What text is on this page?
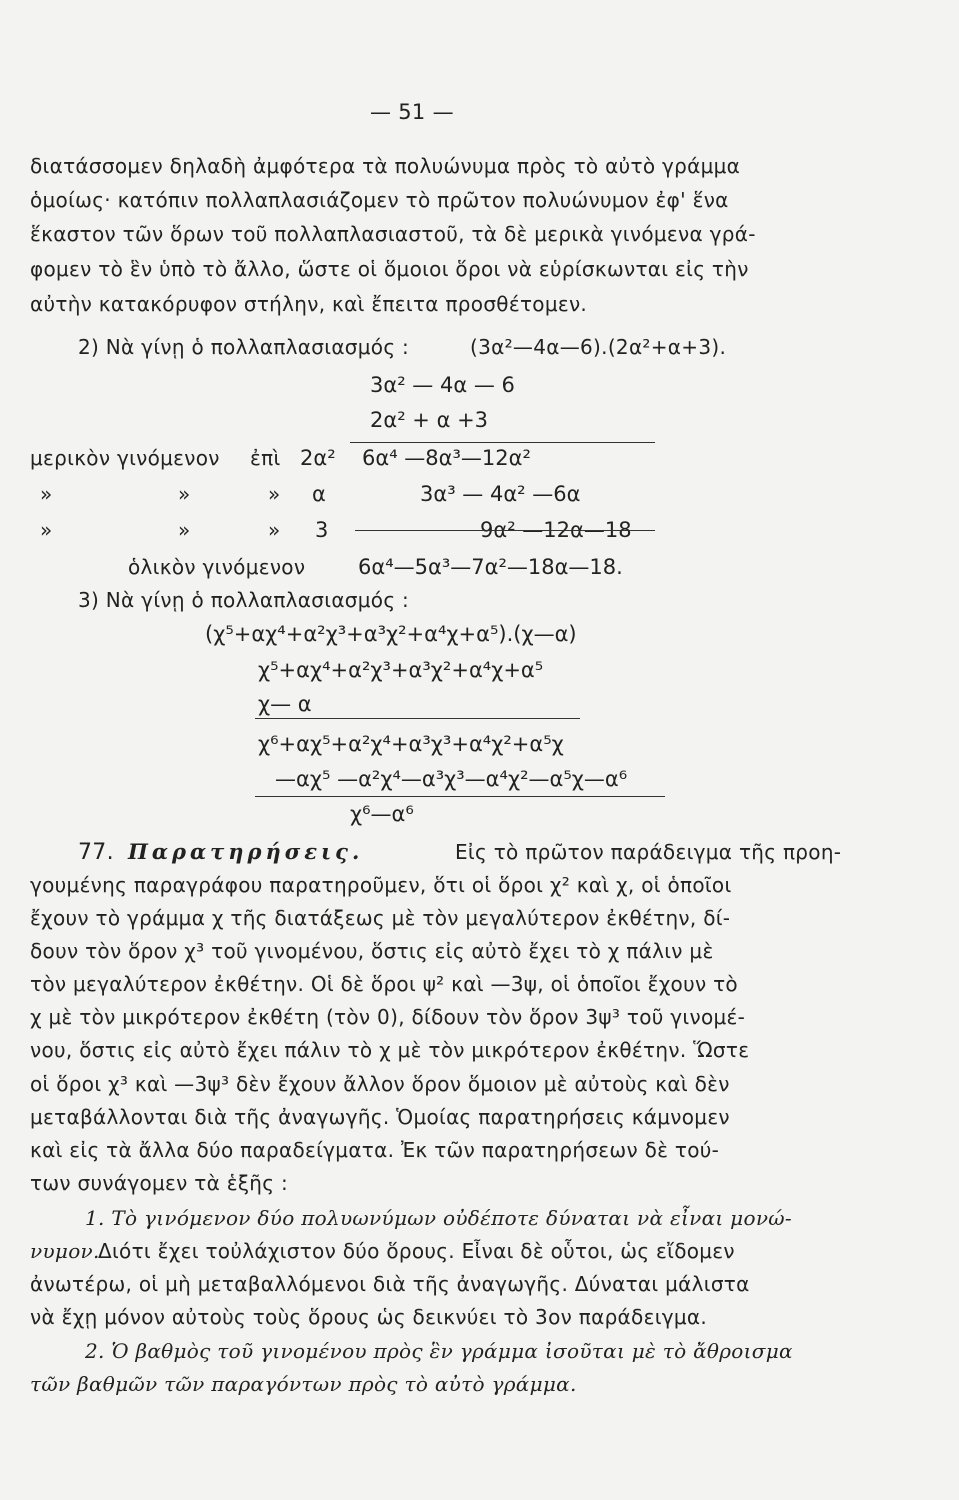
— 51 —
διατάσσομεν δηλαδὴ ἀμφότερα τὰ πολυώνυμα πρὸς τὸ αὐτὸ γράμμα
ὁμοίως· κατόπιν πολλαπλασιάζομεν τὸ πρῶτον πολυώνυμον ἐφ' ἕνα
ἕκαστον τῶν ὅρων τοῦ πολλαπλασιαστοῦ, τὰ δὲ μερικὰ γινόμενα γρά-
φομεν τὸ ἓν ὑπὸ τὸ ἄλλο, ὥστε οἱ ὅμοιοι ὅροι νὰ εὑρίσκωνται εἰς τὴν
αὐτὴν κατακόρυφον στήλην, καὶ ἔπειτα προσθέτομεν.
2) Νὰ γίνῃ ὁ πολλαπλασιασμός :	(3α²—4α—6).(2α²+α+3).
3α² — 4α — 6
2α² + α +3
μερικὸν γινόμενον ἐπὶ 2α² 6α⁴ —8α³—12α²
»	»	» α	3α³ — 4α² —6α
»	»	» 3	9α² —12α—18
ὁλικὸν γινόμενον	6α⁴—5α³—7α²—18α—18.
3) Νὰ γίνῃ ὁ πολλαπλασιασμός :
(χ⁵+αχ⁴+α²χ³+α³χ²+α⁴χ+α⁵).(χ—α)
χ⁵+αχ⁴+α²χ³+α³χ²+α⁴χ+α⁵
χ— α
χ⁶+αχ⁵+α²χ⁴+α³χ³+α⁴χ²+α⁵χ
—αχ⁵ —α²χ⁴—α³χ³—α⁴χ²—α⁵χ—α⁶
χ⁶—α⁶
77. Παρατηρήσεις.	Εἰς τὸ πρῶτον παράδειγμα τῆς προη-
γουμένης παραγράφου παρατηροῦμεν, ὅτι οἱ ὅροι χ² καὶ χ, οἱ ὁποῖοι
ἔχουν τὸ γράμμα χ τῆς διατάξεως μὲ τὸν μεγαλύτερον ἐκθέτην, δί-
δουν τὸν ὅρον χ³ τοῦ γινομένου, ὅστις εἰς αὐτὸ ἔχει τὸ χ πάλιν μὲ
τὸν μεγαλύτερον ἐκθέτην. Οἱ δὲ ὅροι ψ² καὶ —3ψ, οἱ ὁποῖοι ἔχουν τὸ
χ μὲ τὸν μικρότερον ἐκθέτη (τὸν 0), δίδουν τὸν ὅρον 3ψ³ τοῦ γινομέ-
νου, ὅστις εἰς αὐτὸ ἔχει πάλιν τὸ χ μὲ τὸν μικρότερον ἐκθέτην. Ὥστε
οἱ ὅροι χ³ καὶ —3ψ³ δὲν ἔχουν ἄλλον ὅρον ὅμοιον μὲ αὐτοὺς καὶ δὲν
μεταβάλλονται διὰ τῆς ἀναγωγῆς. Ὁμοίας παρατηρήσεις κάμνομεν
καὶ εἰς τὰ ἄλλα δύο παραδείγματα. Ἐκ τῶν παρατηρήσεων δὲ τού-
των συνάγομεν τὰ ἑξῆς :
1. Τὸ γινόμενον δύο πολυωνύμων οὐδέποτε δύναται νὰ εἶναι μονώ-
νυμον.
Διότι ἔχει τοὐλάχιστον δύο ὅρους. Εἶναι δὲ οὗτοι, ὡς εἴδομεν
ἀνωτέρω, οἱ μὴ μεταβαλλόμενοι διὰ τῆς ἀναγωγῆς. Δύναται μάλιστα
νὰ ἔχῃ μόνον αὐτοὺς τοὺς ὅρους ὡς δεικνύει τὸ 3ον παράδειγμα.
2. Ὁ βαθμὸς τοῦ γινομένου πρὸς ἓν γράμμα ἰσοῦται μὲ τὸ ἄθροισμα
τῶν βαθμῶν τῶν παραγόντων πρὸς τὸ αὐτὸ γράμμα.
